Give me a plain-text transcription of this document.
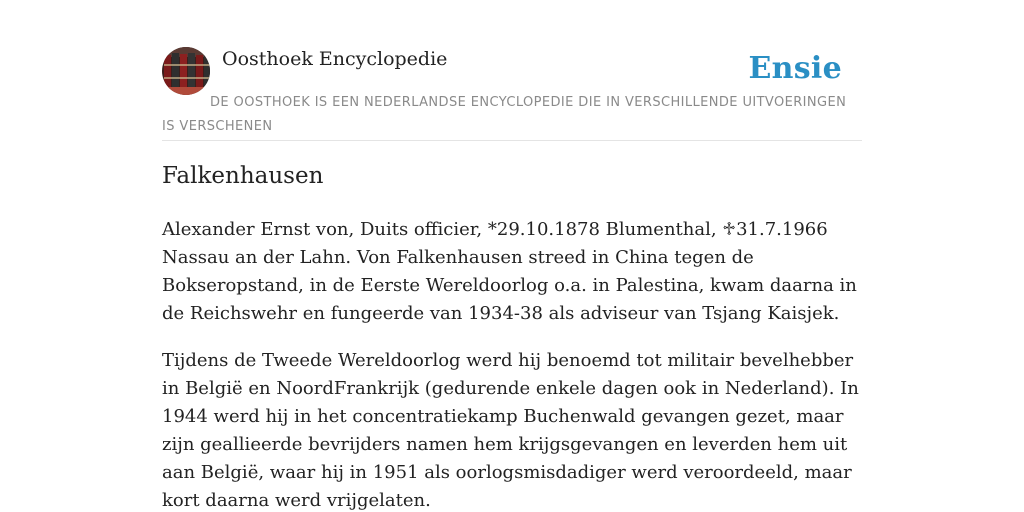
Oosthoek Encyclopedie	Ensie
DE OOSTHOEK IS EEN NEDERLANDSE ENCYCLOPEDIE DIE IN VERSCHILLENDE UITVOERINGEN IS VERSCHENEN
Falkenhausen

Alexander Ernst von, Duits officier, *29.10.1878 Blumenthal, ♱31.7.1966 Nassau an der Lahn. Von Falkenhausen streed in China tegen de Bokseropstand, in de Eerste Wereldoorlog o.a. in Palestina, kwam daarna in de Reichswehr en fungeerde van 1934-38 als adviseur van Tsjang Kaisjek.

Tijdens de Tweede Wereldoorlog werd hij benoemd tot militair bevelhebber in België en NoordFrankrijk (gedurende enkele dagen ook in Nederland). In 1944 werd hij in het concentratiekamp Buchenwald gevangen gezet, maar zijn geallieerde bevrijders namen hem krijgsgevangen en leverden hem uit aan België, waar hij in 1951 als oorlogsmisdadiger werd veroordeeld, maar kort daarna werd vrijgelaten.
